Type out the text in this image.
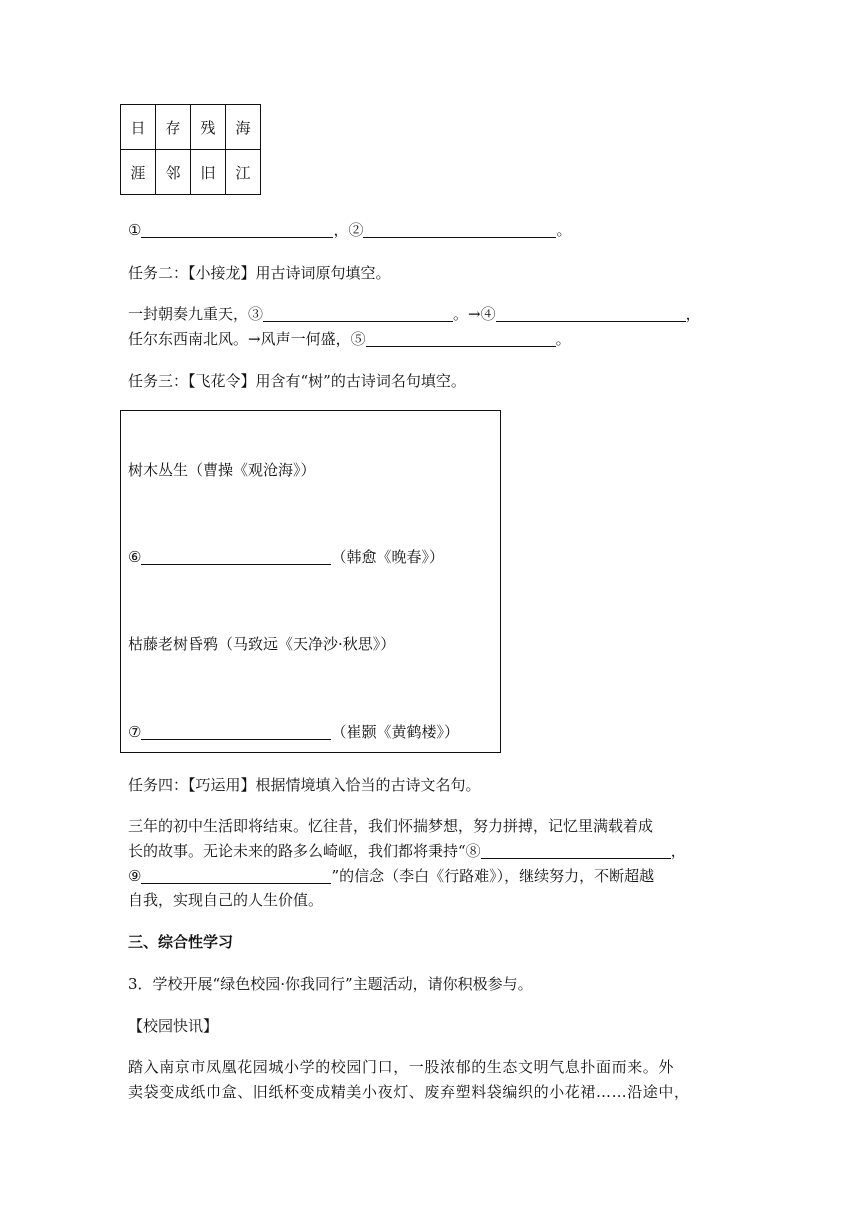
日	存	残	海
涯	邻	旧	江
①	，②	。
任务二：【小接龙】用古诗词原句填空。
一封朝奏九重天，③	。→④	，
任尔东西南北风。→风声一何盛，⑤	。
任务三：【飞花令】用含有“树”的古诗词名句填空。
树木丛生（曹操《观沧海》）
⑥	（韩愈《晚春》）
枯藤老树昏鸦（马致远《天净沙·秋思》）
⑦	（崔颢《黄鹤楼》）
任务四：【巧运用】根据情境填入恰当的古诗文名句。
三年的初中生活即将结束。忆往昔，我们怀揣梦想，努力拼搏，记忆里满载着成
长的故事。无论未来的路多么崎岖，我们都将秉持“⑧	，
⑨	”的信念（李白《行路难》），继续努力，不断超越
自我，实现自己的人生价值。
三、综合性学习
3．学校开展“绿色校园·你我同行”主题活动，请你积极参与。
【校园快讯】
踏入南京市凤凰花园城小学的校园门口，一股浓郁的生态文明气息扑面而来。外
卖袋变成纸巾盒、旧纸杯变成精美小夜灯、废弃塑料袋编织的小花裙……沿途中，
